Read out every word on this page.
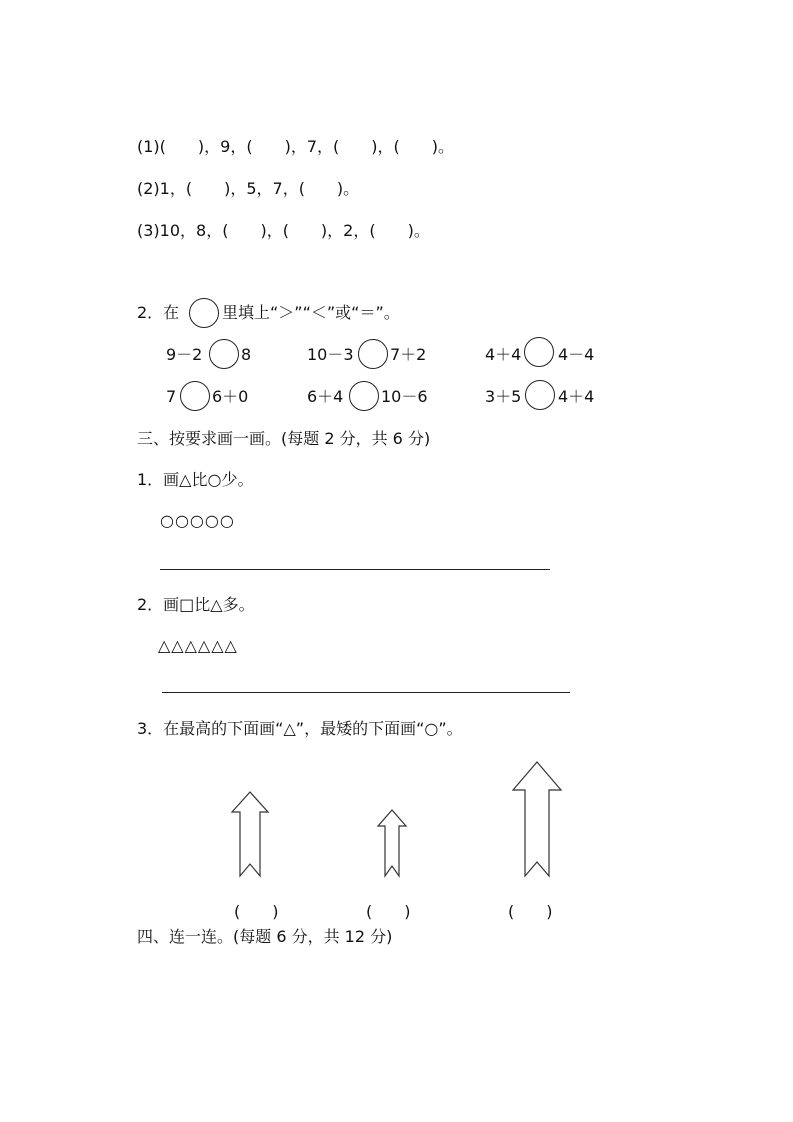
(1)(　　)，9，(　　)，7，(　　)，(　　)。
(2)1，(　　)，5，7，(　　)。
(3)10，8，(　　)，(　　)，2，(　　)。
2．在	里填上“＞”“＜”或“＝”。
9－2 8	10－3 7＋2	4＋4 4－4
7 6＋0	6＋4 10－6	3＋5 4＋4
三、按要求画一画。(每题 2 分，共 6 分)
1．画△比○少。
○○○○○
2．画□比△多。
△△△△△△
3．在最高的下面画“△”，最矮的下面画“○”。
(　　)	(　　)	(　　)
四、连一连。(每题 6 分，共 12 分)
